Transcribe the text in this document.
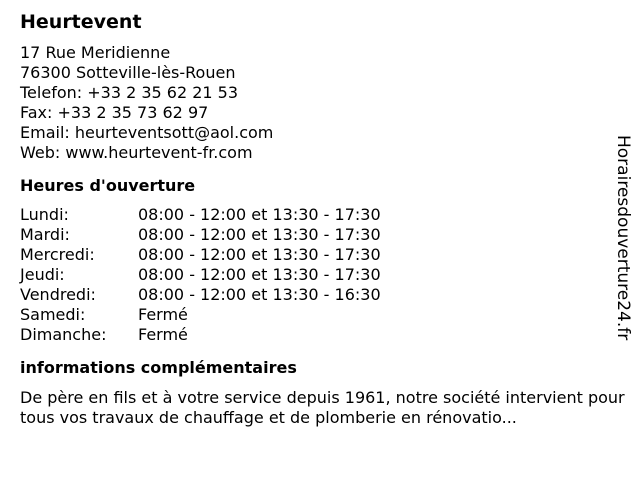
Heurtevent
17 Rue Meridienne
76300 Sotteville-lès-Rouen
Telefon: +33 2 35 62 21 53
Fax: +33 2 35 73 62 97
Email: heurteventsott@aol.com
Web: www.heurtevent-fr.com
Heures d'ouverture
Lundi:	08:00 - 12:00 et 13:30 - 17:30
Mardi:	08:00 - 12:00 et 13:30 - 17:30
Mercredi:	08:00 - 12:00 et 13:30 - 17:30
Jeudi:	08:00 - 12:00 et 13:30 - 17:30
Vendredi:	08:00 - 12:00 et 13:30 - 16:30
Samedi:	Fermé
Dimanche:	Fermé
informations complémentaires
De père en fils et à votre service depuis 1961, notre société intervient pour tous vos travaux de chauffage et de plomberie en rénovatio...
Horairesdouverture24.fr
